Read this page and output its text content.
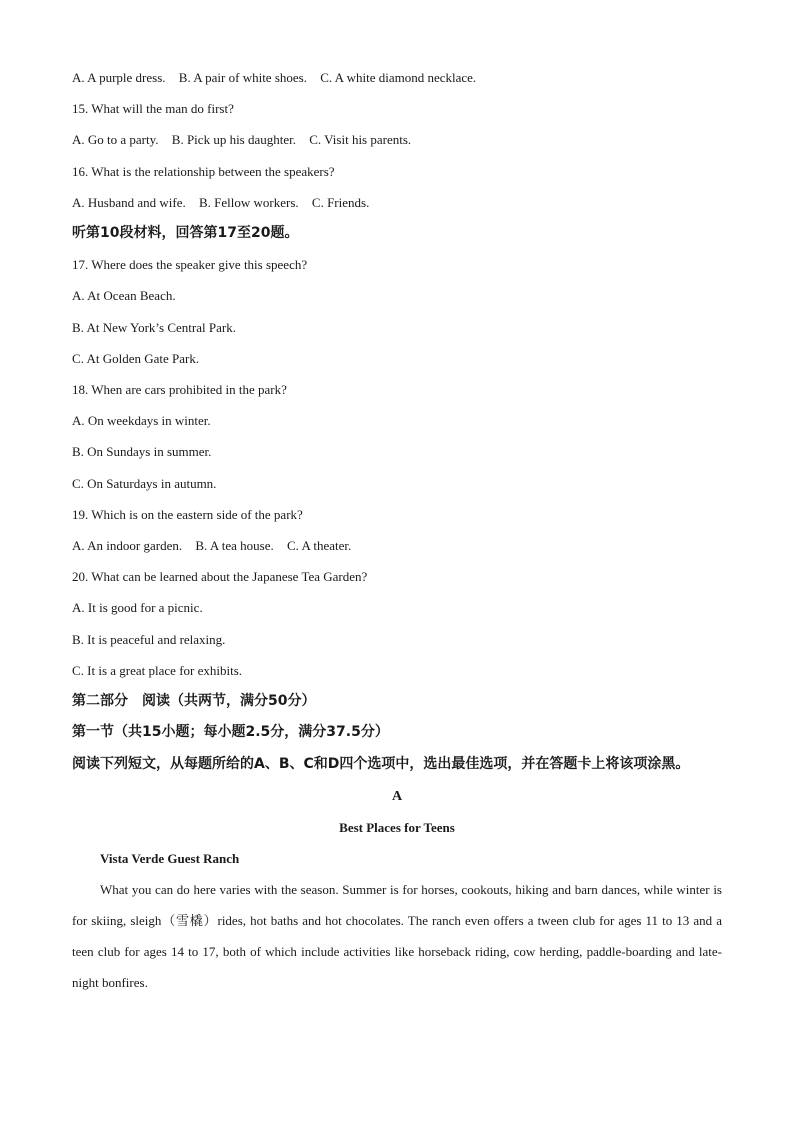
A. A purple dress. B. A pair of white shoes. C. A white diamond necklace.
15. What will the man do first?
A. Go to a party. B. Pick up his daughter. C. Visit his parents.
16. What is the relationship between the speakers?
A. Husband and wife. B. Fellow workers. C. Friends.
听第10段材料，回答第17至20题。
17. Where does the speaker give this speech?
A. At Ocean Beach.
B. At New York’s Central Park.
C. At Golden Gate Park.
18. When are cars prohibited in the park?
A. On weekdays in winter.
B. On Sundays in summer.
C. On Saturdays in autumn.
19. Which is on the eastern side of the park?
A. An indoor garden. B. A tea house. C. A theater.
20. What can be learned about the Japanese Tea Garden?
A. It is good for a picnic.
B. It is peaceful and relaxing.
C. It is a great place for exhibits.
第二部分　阅读（共两节，满分50分）
第一节（共15小题；每小题2.5分，满分37.5分）
阅读下列短文，从每题所给的A、B、C和D四个选项中，选出最佳选项，并在答题卡上将该项涂黑。
A
Best Places for Teens
Vista Verde Guest Ranch
What you can do here varies with the season. Summer is for horses, cookouts, hiking and barn dances, while winter is for skiing, sleigh（雪橇）rides, hot baths and hot chocolates. The ranch even offers a tween club for ages 11 to 13 and a teen club for ages 14 to 17, both of which include activities like horseback riding, cow herding, paddle-boarding and late-night bonfires.
